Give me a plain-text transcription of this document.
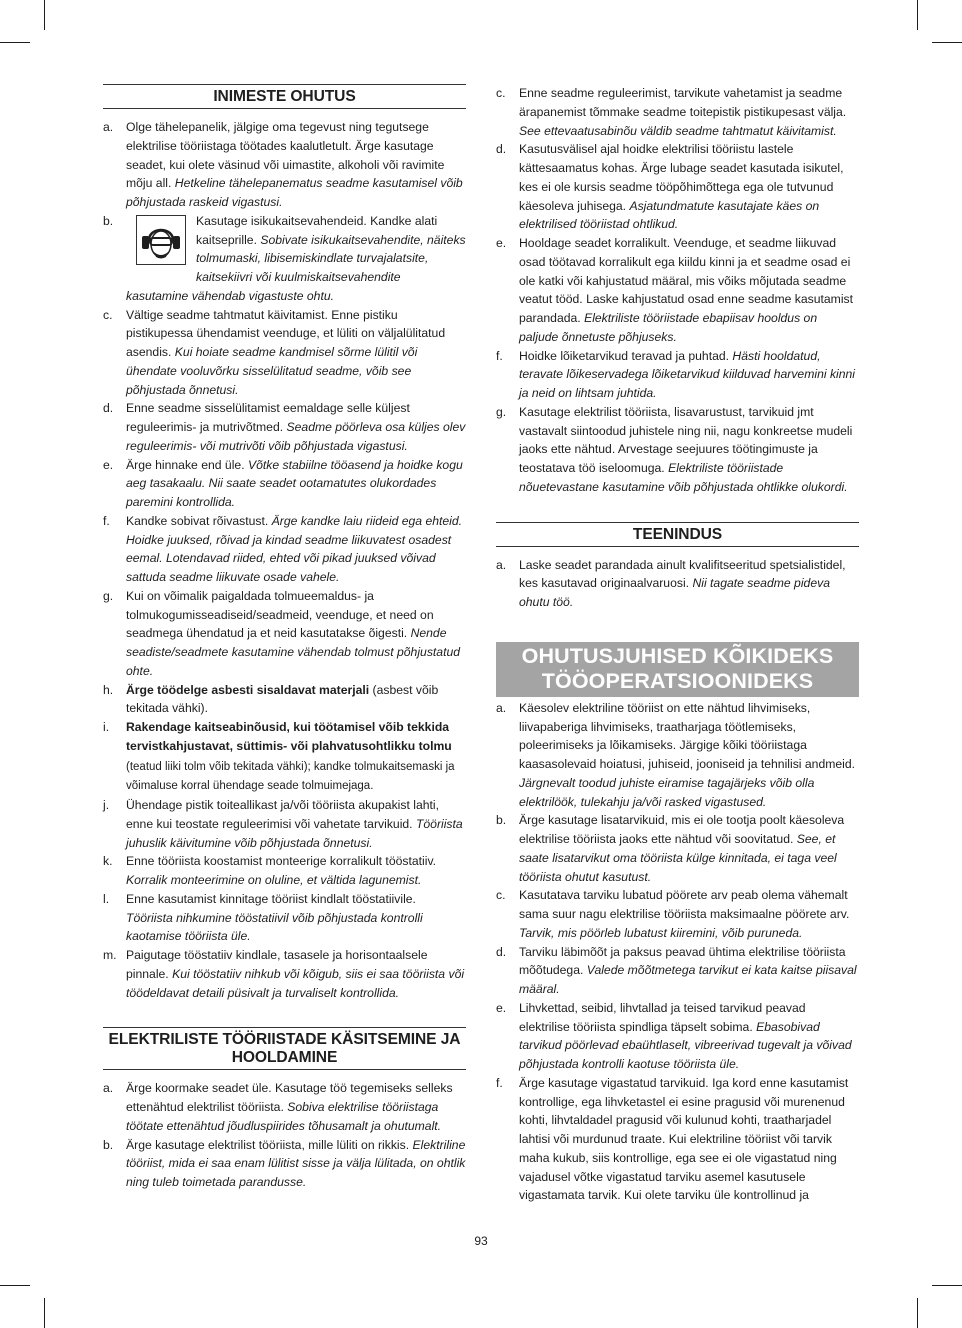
INIMESTE OHUTUS
a. Olge tähelepanelik, jälgige oma tegevust ning tegutsege elektrilise tööriistaga töötades kaalutletult. Ärge kasutage seadet, kui olete väsinud või uimastite, alkoholi või ravimite mõju all. Hetkeline tähelepanematus seadme kasutamisel võib põhjustada raskeid vigastusi.
b.	Kasutage isikukaitsevahendeid. Kandke alati kaitseprille. Sobivate isikukaitsevahendite, näiteks tolmumaski, libisemiskindlate turvajalatsite, kaitsekiivri või kuulmiskaitsevahendite kasutamine vähendab vigastuste ohtu.
c. Vältige seadme tahtmatut käivitamist. Enne pistiku pistikupessa ühendamist veenduge, et lüliti on väljalülitatud asendis. Kui hoiate seadme kandmisel sõrme lülitil või ühendate vooluvõrku sisselülitatud seadme, võib see põhjustada õnnetusi.
d. Enne seadme sisselülitamist eemaldage selle küljest reguleerimis- ja mutrivõtmed. Seadme pöörleva osa küljes olev reguleerimis- või mutrivõti võib põhjustada vigastusi.
e. Ärge hinnake end üle. Võtke stabiilne tööasend ja hoidke kogu aeg tasakaalu. Nii saate seadet ootamatutes olukordades paremini kontrollida.
f. Kandke sobivat rõivastust. Ärge kandke laiu riideid ega ehteid. Hoidke juuksed, rõivad ja kindad seadme liikuvatest osadest eemal. Lotendavad riided, ehted või pikad juuksed võivad sattuda seadme liikuvate osade vahele.
g. Kui on võimalik paigaldada tolmueemaldus- ja tolmukogumisseadiseid/seadmeid, veenduge, et need on seadmega ühendatud ja et neid kasutatakse õigesti. Nende seadiste/seadmete kasutamine vähendab tolmust põhjustatud ohte.
h. Ärge töödelge asbesti sisaldavat materjali (asbest võib tekitada vähki).
i. Rakendage kaitseabinõusid, kui töötamisel võib tekkida tervistkahjustavat, süttimis- või plahvatusohtlikku tolmu (teatud liiki tolm võib tekitada vähki); kandke tolmukaitsemaski ja võimaluse korral ühendage seade tolmuimejaga.
j. Ühendage pistik toiteallikast ja/või tööriista akupakist lahti, enne kui teostate reguleerimisi või vahetate tarvikuid. Tööriista juhuslik käivitumine võib põhjustada õnnetusi.
k. Enne tööriista koostamist monteerige korralikult tööstatiiv. Korralik monteerimine on oluline, et vältida lagunemist.
l. Enne kasutamist kinnitage tööriist kindlalt tööstatiivile. Tööriista nihkumine tööstatiivil võib põhjustada kontrolli kaotamise tööriista üle.
m. Paigutage tööstatiiv kindlale, tasasele ja horisontaalsele pinnale. Kui tööstatiiv nihkub või kõigub, siis ei saa tööriista või töödeldavat detaili püsivalt ja turvaliselt kontrollida.
ELEKTRILISTE TÖÖRIISTADE KÄSITSEMINE JA HOOLDAMINE
a. Ärge koormake seadet üle. Kasutage töö tegemiseks selleks ettenähtud elektrilist tööriista. Sobiva elektrilise tööriistaga töötate ettenähtud jõudluspiirides tõhusamalt ja ohutumalt.
b. Ärge kasutage elektrilist tööriista, mille lüliti on rikkis. Elektriline tööriist, mida ei saa enam lülitist sisse ja välja lülitada, on ohtlik ning tuleb toimetada parandusse.
c. Enne seadme reguleerimist, tarvikute vahetamist ja seadme ärapanemist tõmmake seadme toitepistik pistikupesast välja. See ettevaatusabinõu väldib seadme tahtmatut käivitamist.
d. Kasutusvälisel ajal hoidke elektrilisi tööriistu lastele kättesaamatus kohas. Ärge lubage seadet kasutada isikutel, kes ei ole kursis seadme tööpõhimõttega ega ole tutvunud käesoleva juhisega. Asjatundmatute kasutajate käes on elektrilised tööriistad ohtlikud.
e. Hooldage seadet korralikult. Veenduge, et seadme liikuvad osad töötavad korralikult ega kiildu kinni ja et seadme osad ei ole katki või kahjustatud määral, mis võiks mõjutada seadme veatut tööd. Laske kahjustatud osad enne seadme kasutamist parandada. Elektriliste tööriistade ebapiisav hooldus on paljude õnnetuste põhjuseks.
f. Hoidke lõiketarvikud teravad ja puhtad. Hästi hooldatud, teravate lõikeservadega lõiketarvikud kiilduvad harvemini kinni ja neid on lihtsam juhtida.
g. Kasutage elektrilist tööriista, lisavarustust, tarvikuid jmt vastavalt siintoodud juhistele ning nii, nagu konkreetse mudeli jaoks ette nähtud. Arvestage seejuures töötingimuste ja teostatava töö iseloomuga. Elektriliste tööriistade nõuetevastane kasutamine võib põhjustada ohtlikke olukordi.
TEENINDUS
a. Laske seadet parandada ainult kvalifitseeritud spetsialistidel, kes kasutavad originaalvaruosi. Nii tagate seadme pideva ohutu töö.
OHUTUSJUHISED KÕIKIDEKS
TÖÖOPERATSIOONIDEKS
a. Käesolev elektriline tööriist on ette nähtud lihvimiseks, liivapaberiga lihvimiseks, traatharjaga töötlemiseks, poleerimiseks ja lõikamiseks. Järgige kõiki tööriistaga kaasasolevaid hoiatusi, juhiseid, jooniseid ja tehnilisi andmeid. Järgnevalt toodud juhiste eiramise tagajärjeks võib olla elektrilöök, tulekahju ja/või rasked vigastused.
b. Ärge kasutage lisatarvikuid, mis ei ole tootja poolt käesoleva elektrilise tööriista jaoks ette nähtud või soovitatud. See, et saate lisatarvikut oma tööriista külge kinnitada, ei taga veel tööriista ohutut kasutust.
c. Kasutatava tarviku lubatud pöörete arv peab olema vähemalt sama suur nagu elektrilise tööriista maksimaalne pöörete arv. Tarvik, mis pöörleb lubatust kiiremini, võib puruneda.
d. Tarviku läbimõõt ja paksus peavad ühtima elektrilise tööriista mõõtudega. Valede mõõtmetega tarvikut ei kata kaitse piisaval määral.
e. Lihvkettad, seibid, lihvtallad ja teised tarvikud peavad elektrilise tööriista spindliga täpselt sobima. Ebasobivad tarvikud pöörlevad ebaühtlaselt, vibreerivad tugevalt ja võivad põhjustada kontrolli kaotuse tööriista üle.
f. Ärge kasutage vigastatud tarvikuid. Iga kord enne kasutamist kontrollige, ega lihvketastel ei esine pragusid või murenenud kohti, lihvtaldadel pragusid või kulunud kohti, traatharjadel lahtisi või murdunud traate. Kui elektriline tööriist või tarvik maha kukub, siis kontrollige, ega see ei ole vigastatud ning vajadusel võtke vigastatud tarviku asemel kasutusele vigastamata tarvik. Kui olete tarviku üle kontrollinud ja
93
